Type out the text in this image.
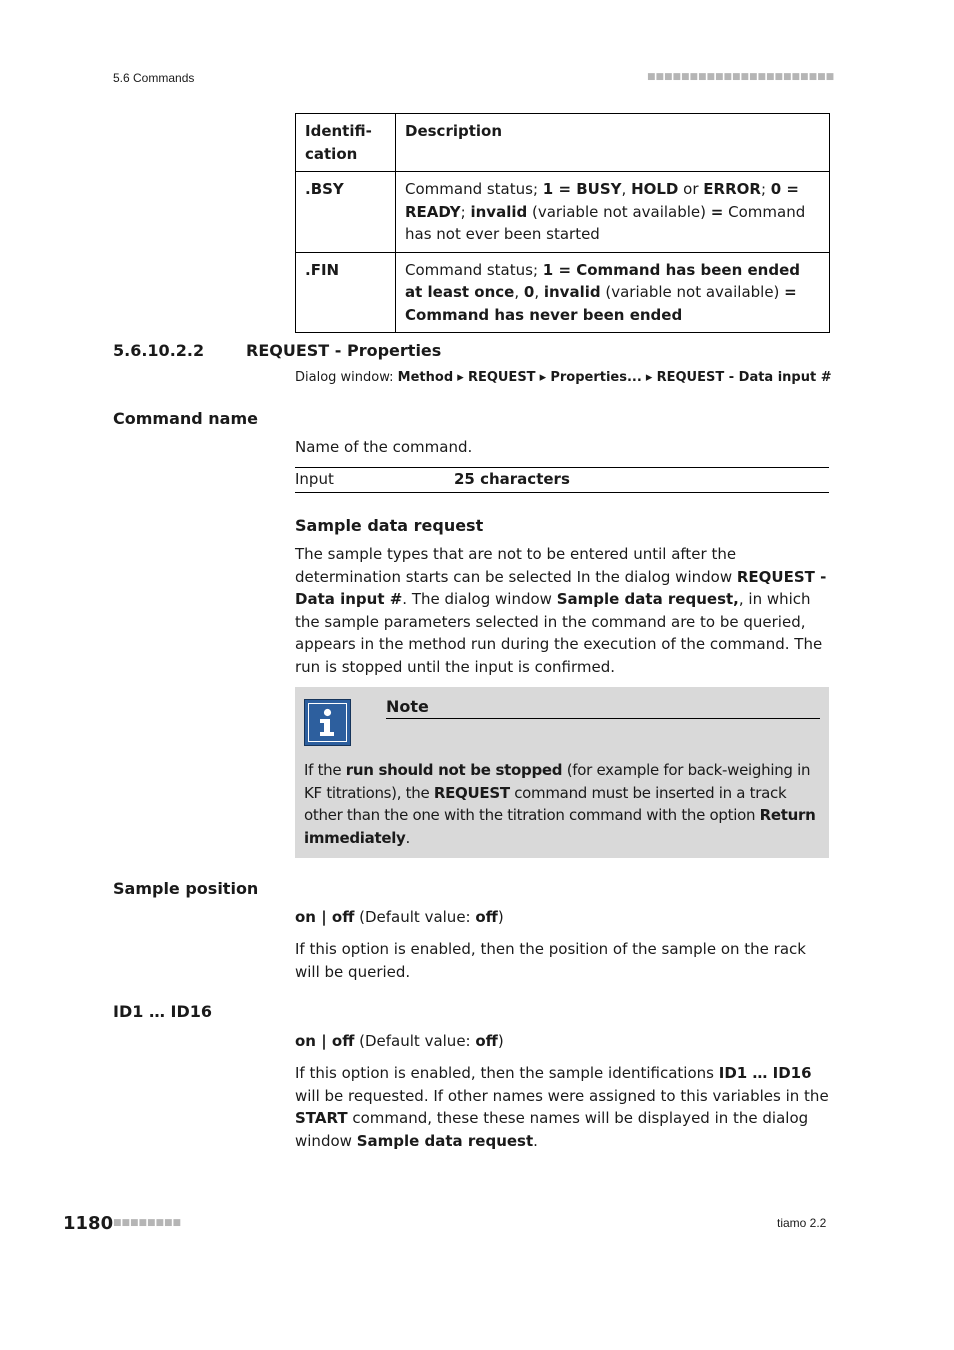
5.6 Commands	■■■■■■■■■■■■■■■■■■■■■■
Identifi-
cation	Description
.BSY	Command status; 1 = BUSY, HOLD or ERROR; 0 = READY; invalid (variable not available) = Command has not ever been started
.FIN	Command status; 1 = Command has been ended at least once, 0, invalid (variable not available) = Command has never been ended
5.6.10.2.2	REQUEST - Properties
Dialog window: Method ▸ REQUEST ▸ Properties... ▸ REQUEST - Data input #
Command name
Name of the command.
Input	25 characters
Sample data request
The sample types that are not to be entered until after the determination starts can be selected In the dialog window REQUEST - Data input #. The dialog window Sample data request,, in which the sample parameters selected in the command are to be queried, appears in the method run during the execution of the command. The run is stopped until the input is confirmed.
Note
If the run should not be stopped (for example for back-weighing in KF titrations), the REQUEST command must be inserted in a track other than the one with the titration command with the option Return immediately.
Sample position
on | off (Default value: off)
If this option is enabled, then the position of the sample on the rack will be queried.
ID1 … ID16
on | off (Default value: off)
If this option is enabled, then the sample identifications ID1 … ID16 will be requested. If other names were assigned to this variables in the START command, these these names will be displayed in the dialog window Sample data request.
1180 ■■■■■■■■	tiamo 2.2
